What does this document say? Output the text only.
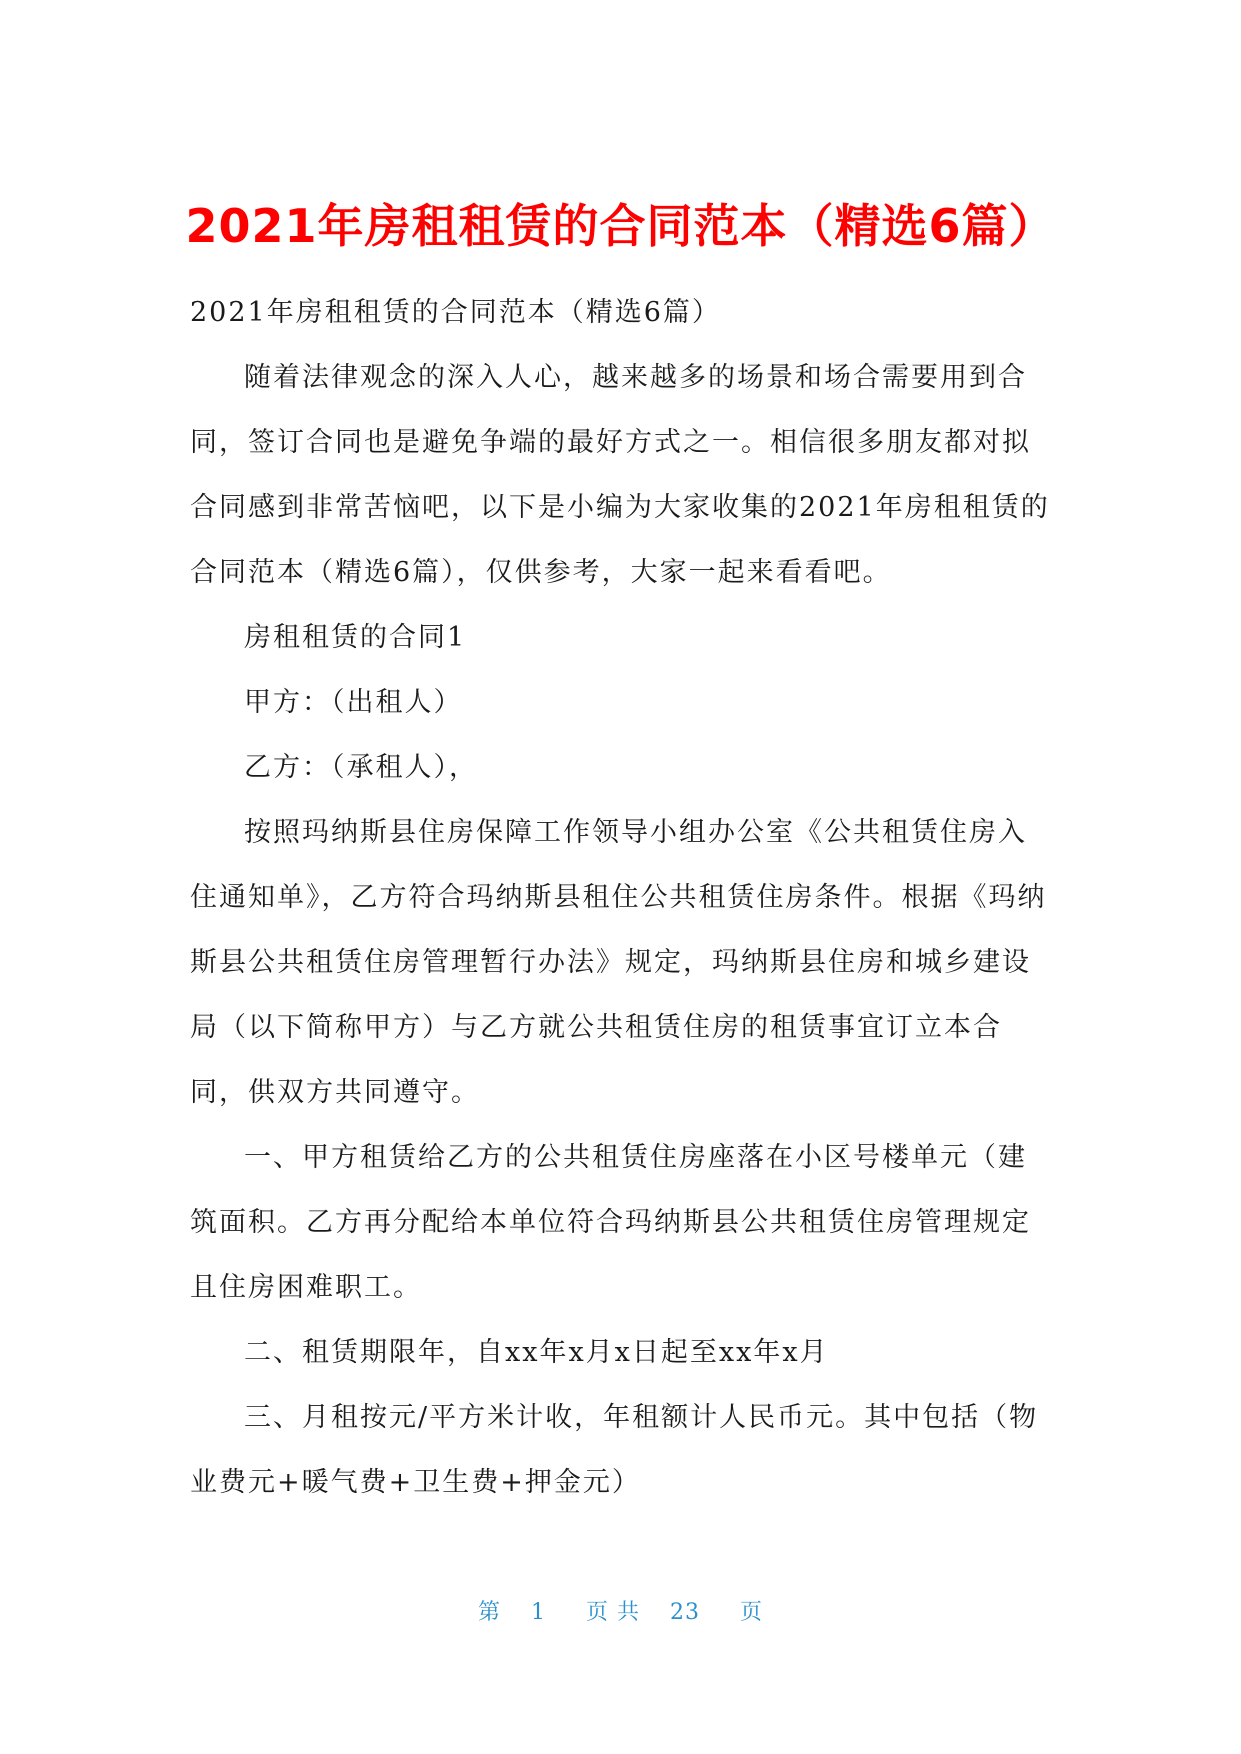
2021年房租租赁的合同范本（精选6篇）

2021年房租租赁的合同范本（精选6篇）

随着法律观念的深入人心，越来越多的场景和场合需要用到合同，签订合同也是避免争端的最好方式之一。相信很多朋友都对拟合同感到非常苦恼吧，以下是小编为大家收集的2021年房租租赁的合同范本（精选6篇），仅供参考，大家一起来看看吧。

房租租赁的合同1

甲方：（出租人）

乙方：（承租人），

按照玛纳斯县住房保障工作领导小组办公室《公共租赁住房入住通知单》，乙方符合玛纳斯县租住公共租赁住房条件。根据《玛纳斯县公共租赁住房管理暂行办法》规定，玛纳斯县住房和城乡建设局（以下简称甲方）与乙方就公共租赁住房的租赁事宜订立本合同，供双方共同遵守。

一、甲方租赁给乙方的公共租赁住房座落在小区号楼单元（建筑面积。乙方再分配给本单位符合玛纳斯县公共租赁住房管理规定且住房困难职工。

二、租赁期限年，自xx年x月x日起至xx年x月

三、月租按元/平方米计收，年租额计人民币元。其中包括（物业费元+暖气费+卫生费+押金元）

第 1 页 共 23 页
